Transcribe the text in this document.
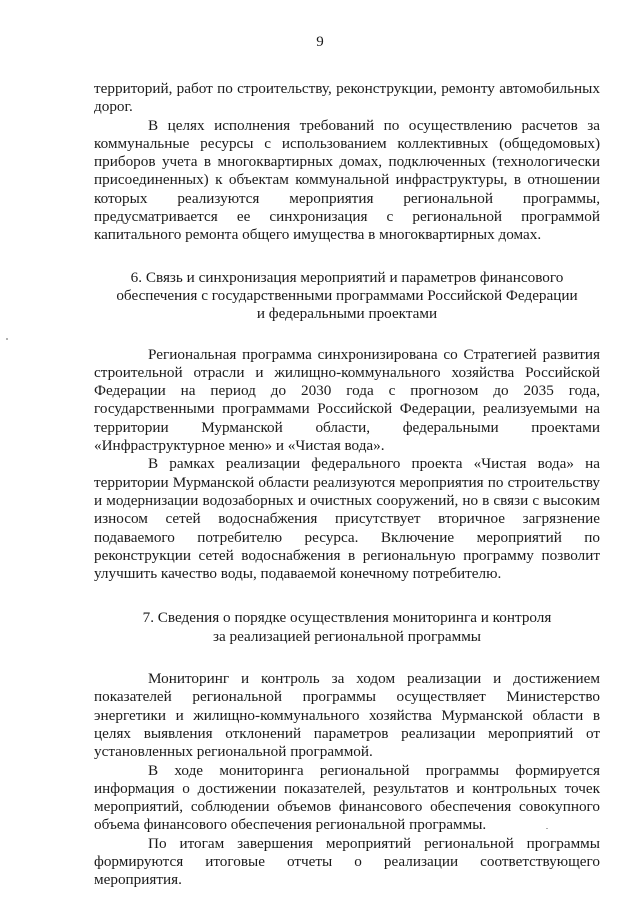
9

территорий, работ по строительству, реконструкции, ремонту автомобильных дорог.

В целях исполнения требований по осуществлению расчетов за коммунальные ресурсы с использованием коллективных (общедомовых) приборов учета в многоквартирных домах, подключенных (технологически присоединенных) к объектам коммунальной инфраструктуры, в отношении которых реализуются мероприятия региональной программы, предусматривается ее синхронизация с региональной программой капитального ремонта общего имущества в многоквартирных домах.

6. Связь и синхронизация мероприятий и параметров финансового

обеспечения с государственными программами Российской Федерации

и федеральными проектами

Региональная программа синхронизирована со Стратегией развития строительной отрасли и жилищно-коммунального хозяйства Российской Федерации на период до 2030 года с прогнозом до 2035 года, государственными программами Российской Федерации, реализуемыми на территории Мурманской области, федеральными проектами «Инфраструктурное меню» и «Чистая вода».

В рамках реализации федерального проекта «Чистая вода» на территории Мурманской области реализуются мероприятия по строительству и модернизации водозаборных и очистных сооружений, но в связи с высоким износом сетей водоснабжения присутствует вторичное загрязнение подаваемого потребителю ресурса. Включение мероприятий по реконструкции сетей водоснабжения в региональную программу позволит улучшить качество воды, подаваемой конечному потребителю.

7. Сведения о порядке осуществления мониторинга и контроля

за реализацией региональной программы

Мониторинг и контроль за ходом реализации и достижением показателей региональной программы осуществляет Министерство энергетики и жилищно-коммунального хозяйства Мурманской области в целях выявления отклонений параметров реализации мероприятий от установленных региональной программой.

В ходе мониторинга региональной программы формируется информация о достижении показателей, результатов и контрольных точек мероприятий, соблюдении объемов финансового обеспечения совокупного объема финансового обеспечения региональной программы.

По итогам завершения мероприятий региональной программы формируются итоговые отчеты о реализации соответствующего мероприятия.
